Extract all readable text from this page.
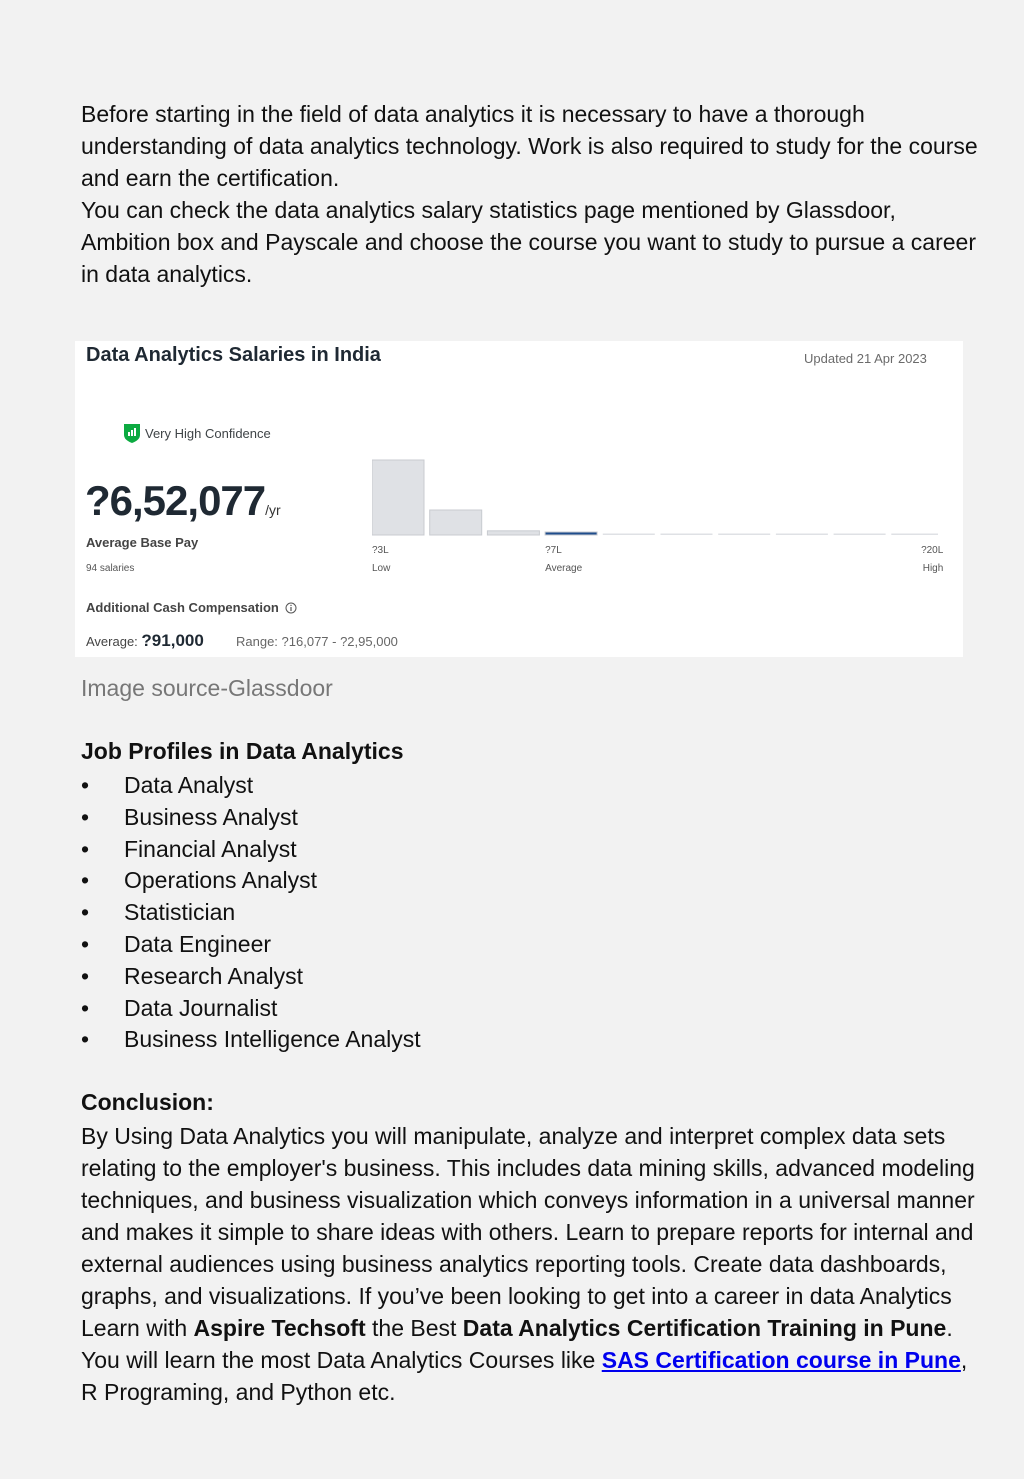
Before starting in the field of data analytics it is necessary to have a thorough understanding of data analytics technology. Work is also required to study for the course and earn the certification.

You can check the data analytics salary statistics page mentioned by Glassdoor, Ambition box and Payscale and choose the course you want to study to pursue a career in data analytics.

Data Analytics Salaries in India	Updated 21 Apr 2023
Very High Confidence
?6,52,077/yr
Average Base Pay
94 salaries
Additional Cash Compensation
Average: ?91,000 Range: ?16,077 - ?2,95,000
?3L
Low
?7L
Average
?20L
High
Image source-Glassdoor
Job Profiles in Data Analytics
• Data Analyst
• Business Analyst
• Financial Analyst
• Operations Analyst
• Statistician
• Data Engineer
• Research Analyst
• Data Journalist
• Business Intelligence Analyst
Conclusion:
By Using Data Analytics you will manipulate, analyze and interpret complex data sets relating to the employer's business. This includes data mining skills, advanced modeling techniques, and business visualization which conveys information in a universal manner and makes it simple to share ideas with others. Learn to prepare reports for internal and external audiences using business analytics reporting tools. Create data dashboards, graphs, and visualizations. If you’ve been looking to get into a career in data Analytics Learn with Aspire Techsoft the Best Data Analytics Certification Training in Pune. You will learn the most Data Analytics Courses like SAS Certification course in Pune, R Programing, and Python etc.
